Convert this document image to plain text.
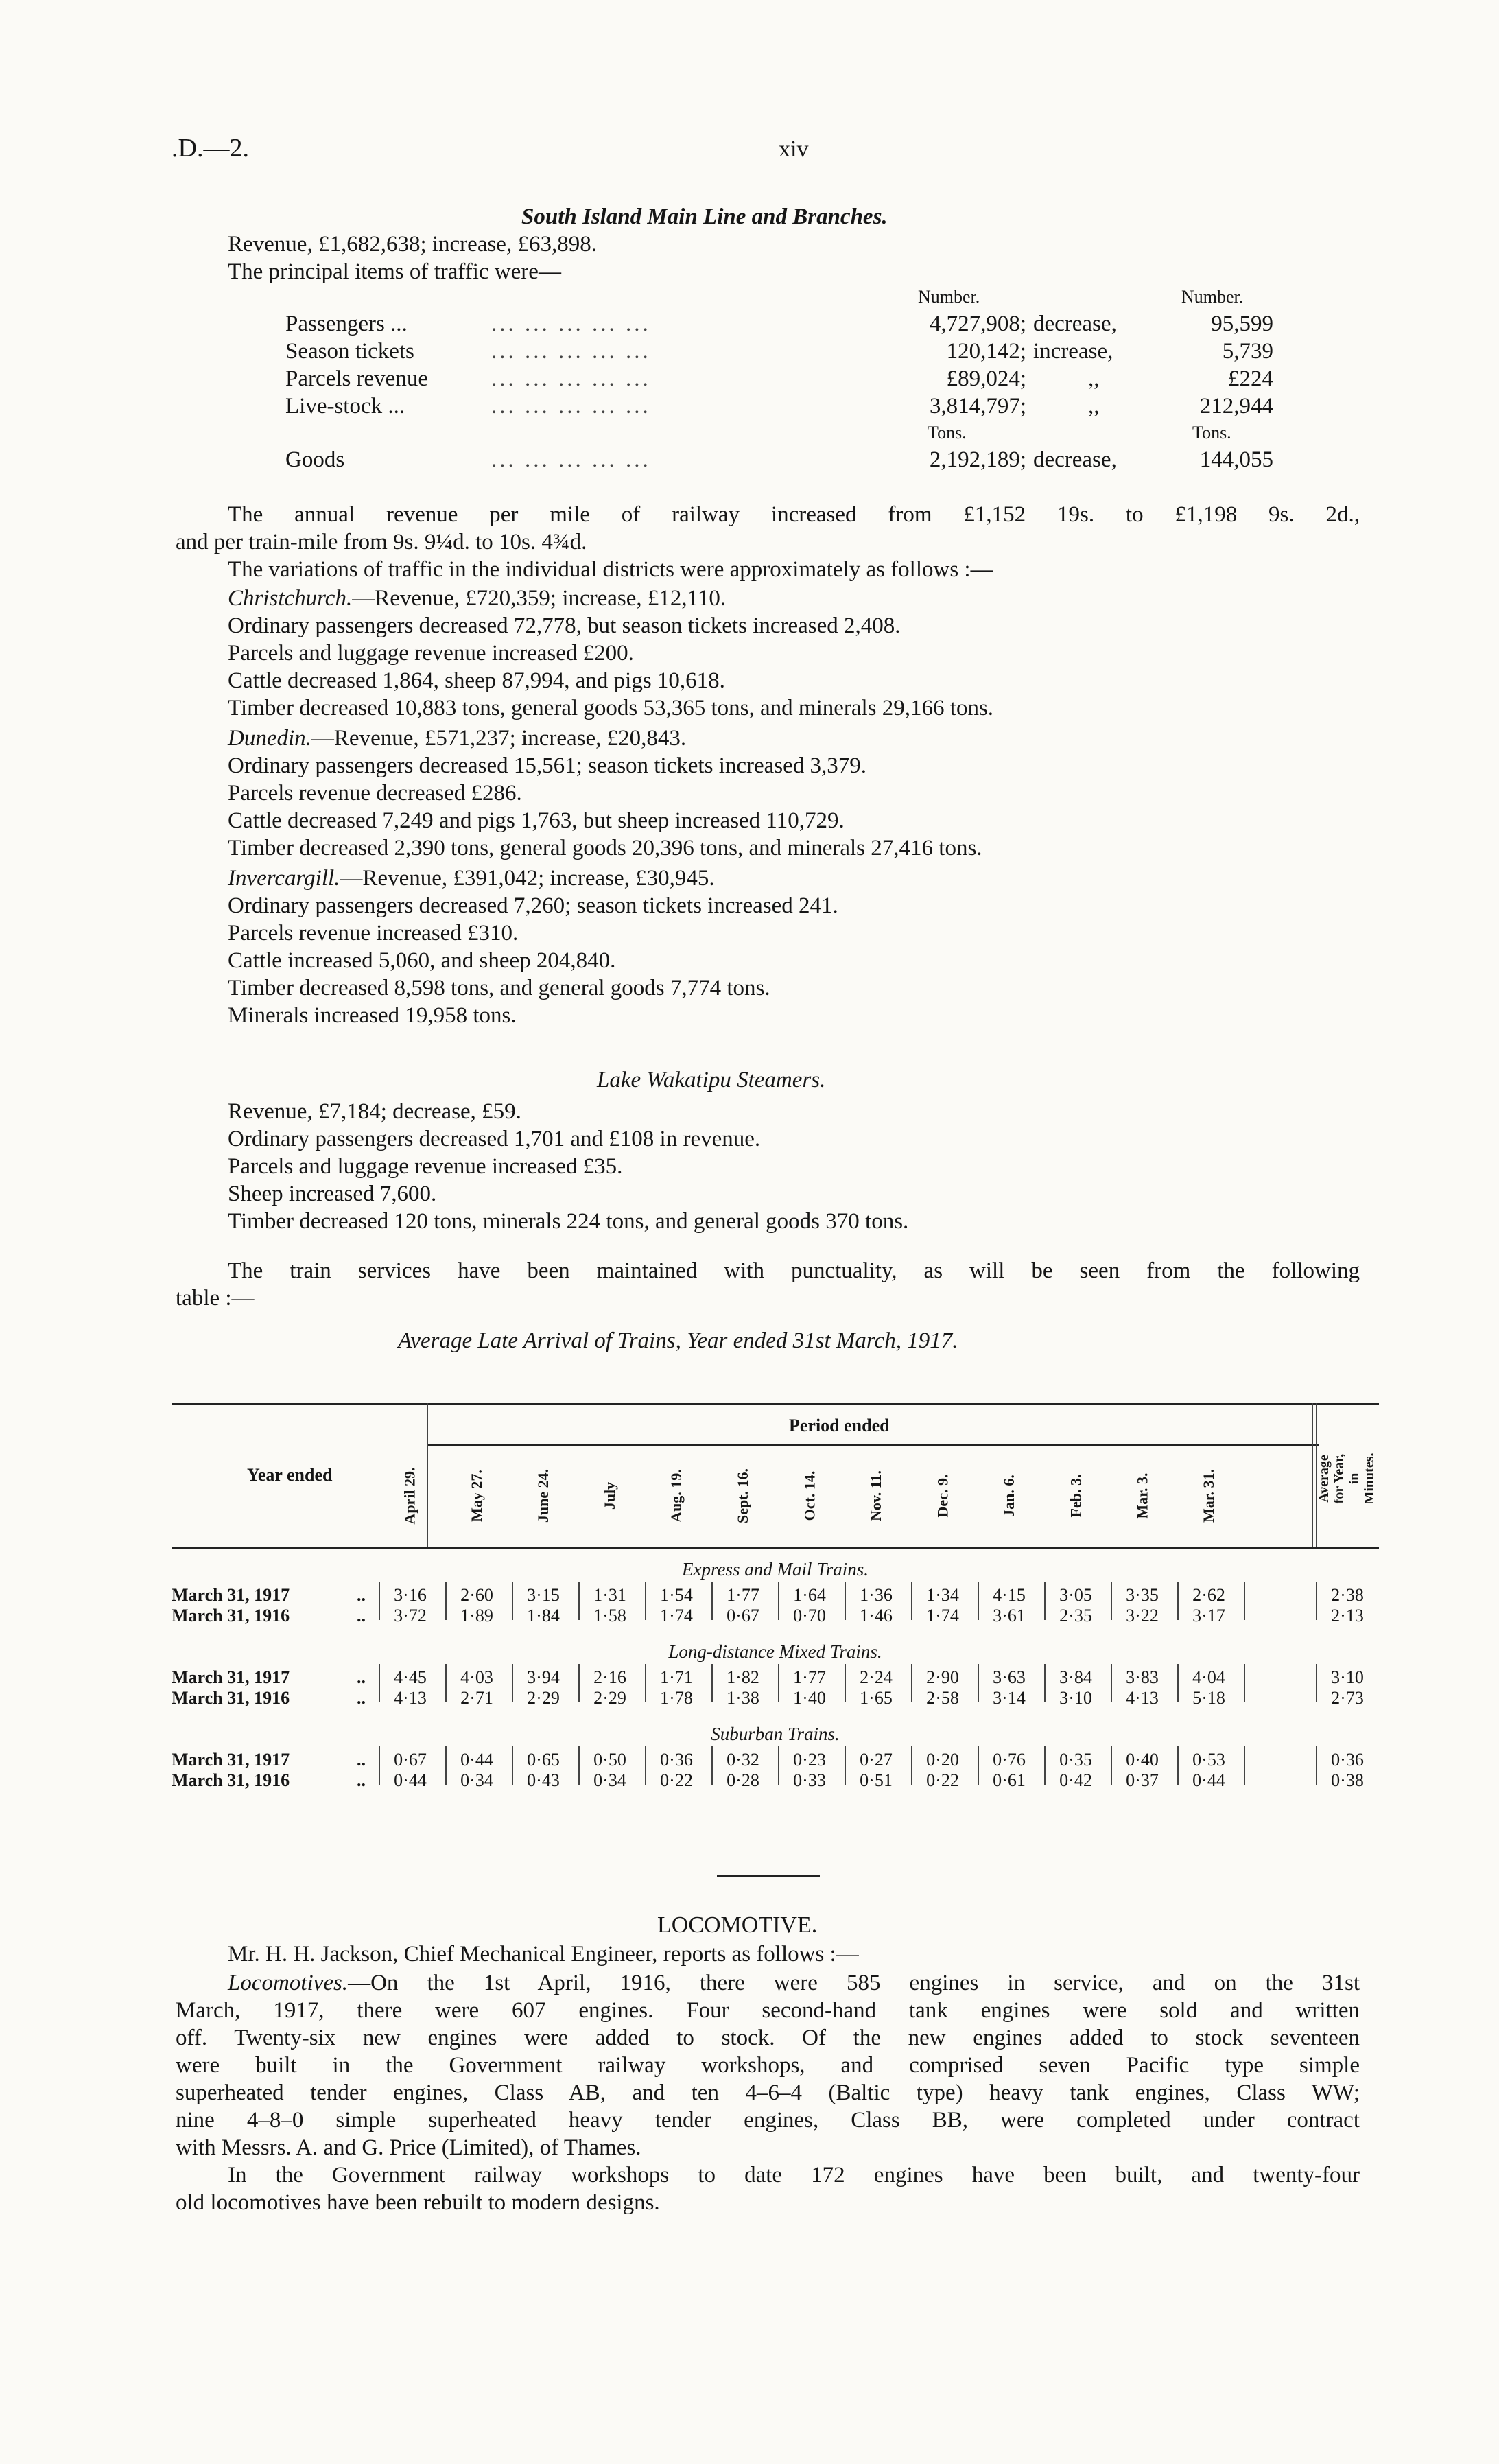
.D.—2.	xiv
South Island Main Line and Branches.
Revenue, £1,682,638; increase, £63,898.
The principal items of traffic were—
Number.	Number.
Passengers ...	... ... ... ... ...	4,727,908; decrease,	95,599
Season tickets	... ... ... ... ...	120,142; increase,	5,739
Parcels revenue	... ... ... ... ...	£89,024;	,,	£224
Live-stock ...	... ... ... ... ...	3,814,797;	,,	212,944
Tons.	Tons.
Goods	... ... ... ... ...	2,192,189; decrease,	144,055
The annual revenue per mile of railway increased from £1,152 19s. to £1,198 9s. 2d.,
and per train-mile from 9s. 9¼d. to 10s. 4¾d.
The variations of traffic in the individual districts were approximately as follows :—
Christchurch.—Revenue, £720,359; increase, £12,110.
Ordinary passengers decreased 72,778, but season tickets increased 2,408.
Parcels and luggage revenue increased £200.
Cattle decreased 1,864, sheep 87,994, and pigs 10,618.
Timber decreased 10,883 tons, general goods 53,365 tons, and minerals 29,166 tons.
Dunedin.—Revenue, £571,237; increase, £20,843.
Ordinary passengers decreased 15,561; season tickets increased 3,379.
Parcels revenue decreased £286.
Cattle decreased 7,249 and pigs 1,763, but sheep increased 110,729.
Timber decreased 2,390 tons, general goods 20,396 tons, and minerals 27,416 tons.
Invercargill.—Revenue, £391,042; increase, £30,945.
Ordinary passengers decreased 7,260; season tickets increased 241.
Parcels revenue increased £310.
Cattle increased 5,060, and sheep 204,840.
Timber decreased 8,598 tons, and general goods 7,774 tons.
Minerals increased 19,958 tons.
Lake Wakatipu Steamers.
Revenue, £7,184; decrease, £59.
Ordinary passengers decreased 1,701 and £108 in revenue.
Parcels and luggage revenue increased £35.
Sheep increased 7,600.
Timber decreased 120 tons, minerals 224 tons, and general goods 370 tons.
The train services have been maintained with punctuality, as will be seen from the following
table :—
Average Late Arrival of Trains, Year ended 31st March, 1917.
Year ended
Period ended
April 29.	May 27.	June 24.	July	Aug. 19.	Sept. 16.	Oct. 14.	Nov. 11.	Dec. 9.	Jan. 6.	Feb. 3.	Mar. 3.	Mar. 31.	Average for Year, in Minutes.
Express and Mail Trains.
March 31, 1917	..	3·16	2·60	3·15	1·31	1·54	1·77	1·64	1·36	1·34	4·15	3·05	3·35	2·62	2·38
March 31, 1916	..	3·72	1·89	1·84	1·58	1·74	0·67	0·70	1·46	1·74	3·61	2·35	3·22	3·17	2·13
Long-distance Mixed Trains.
March 31, 1917	..	4·45	4·03	3·94	2·16	1·71	1·82	1·77	2·24	2·90	3·63	3·84	3·83	4·04	3·10
March 31, 1916	..	4·13	2·71	2·29	2·29	1·78	1·38	1·40	1·65	2·58	3·14	3·10	4·13	5·18	2·73
Suburban Trains.
March 31, 1917	..	0·67	0·44	0·65	0·50	0·36	0·32	0·23	0·27	0·20	0·76	0·35	0·40	0·53	0·36
March 31, 1916	..	0·44	0·34	0·43	0·34	0·22	0·28	0·33	0·51	0·22	0·61	0·42	0·37	0·44	0·38
LOCOMOTIVE.
Mr. H. H. Jackson, Chief Mechanical Engineer, reports as follows :—
Locomotives.—On the 1st April, 1916, there were 585 engines in service, and on the 31st
March, 1917, there were 607 engines. Four second-hand tank engines were sold and written
off. Twenty-six new engines were added to stock. Of the new engines added to stock seventeen
were built in the Government railway workshops, and comprised seven Pacific type simple
superheated tender engines, Class AB, and ten 4–6–4 (Baltic type) heavy tank engines, Class WW;
nine 4–8–0 simple superheated heavy tender engines, Class BB, were completed under contract
with Messrs. A. and G. Price (Limited), of Thames.
In the Government railway workshops to date 172 engines have been built, and twenty-four
old locomotives have been rebuilt to modern designs.
